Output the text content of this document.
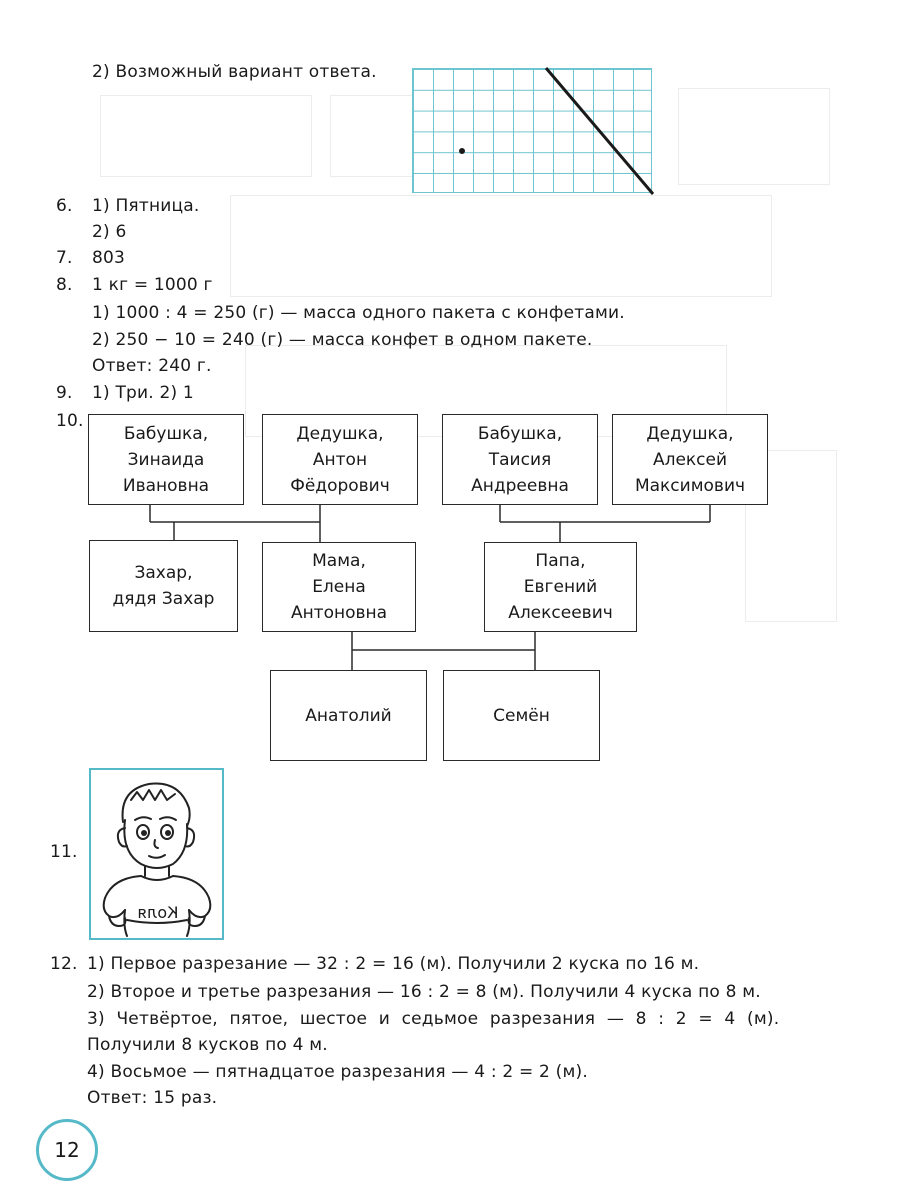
2) Возможный вариант ответа.
6. 1) Пятница.
2) 6
7. 803
8. 1 кг = 1000 г
1) 1000 : 4 = 250 (г) — масса одного пакета с конфетами.
2) 250 − 10 = 240 (г) — масса конфет в одном пакете.
Ответ: 240 г.
9. 1) Три. 2) 1
10.
Бабушка,
Зинаида
Ивановна
Дедушка,
Антон
Фёдорович
Бабушка,
Таисия
Андреевна
Дедушка,
Алексей
Максимович
Захар,
дядя Захар
Мама,
Елена
Антоновна
Папа,
Евгений
Алексеевич
Анатолий	Семён
11.
Коля
12. 1) Первое разрезание — 32 : 2 = 16 (м). Получили 2 куска по 16 м.
2) Второе и третье разрезания — 16 : 2 = 8 (м). Получили 4 куска по 8 м.
3) Четвёртое, пятое, шестое и седьмое разрезания — 8 : 2 = 4 (м).
Получили 8 кусков по 4 м.
4) Восьмое — пятнадцатое разрезания — 4 : 2 = 2 (м).
Ответ: 15 раз.
12
